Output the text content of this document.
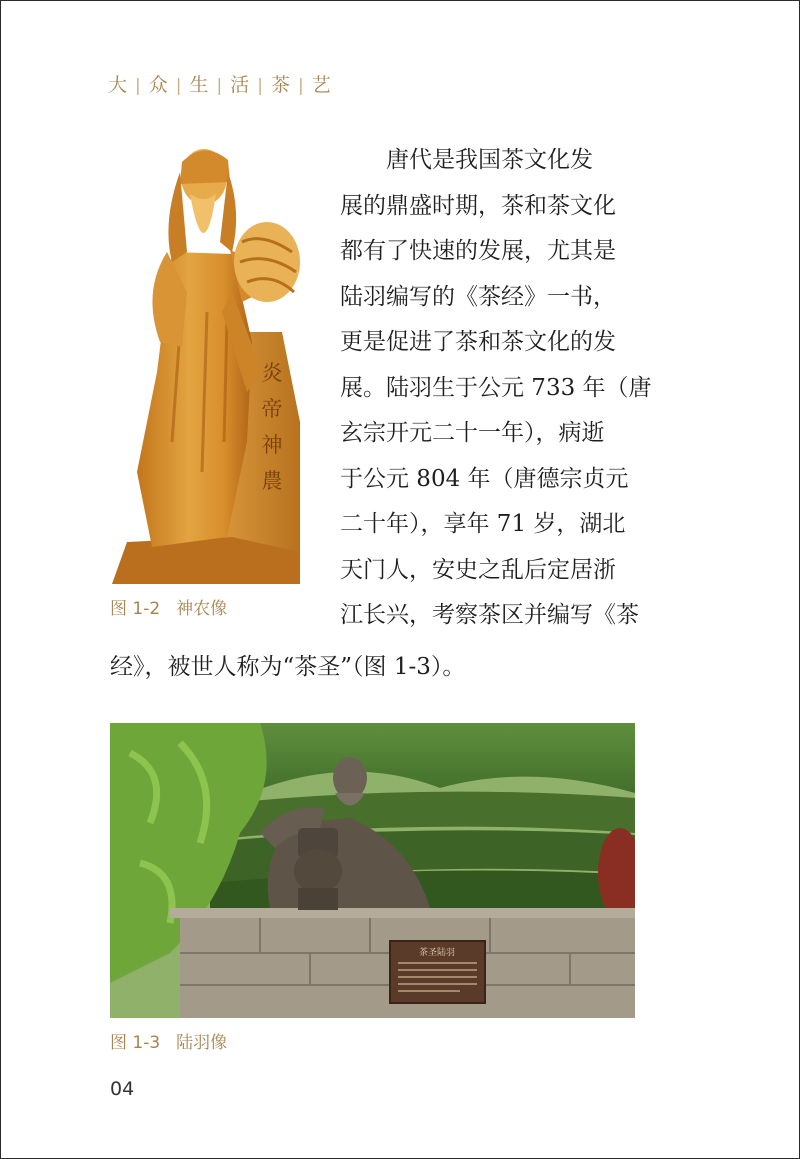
大 | 众 | 生 | 活 | 茶 | 艺
炎
帝
神
農
图 1-2 神农像
唐代是我国茶文化发
展的鼎盛时期，茶和茶文化
都有了快速的发展，尤其是
陆羽编写的《茶经》一书，
更是促进了茶和茶文化的发
展。陆羽生于公元 733 年（唐
玄宗开元二十一年），病逝
于公元 804 年（唐德宗贞元
二十年），享年 71 岁，湖北
天门人，安史之乱后定居浙
江长兴，考察茶区并编写《茶
经》，被世人称为“茶圣”（图 1-3）。
茶圣陆羽
图 1-3 陆羽像
04
